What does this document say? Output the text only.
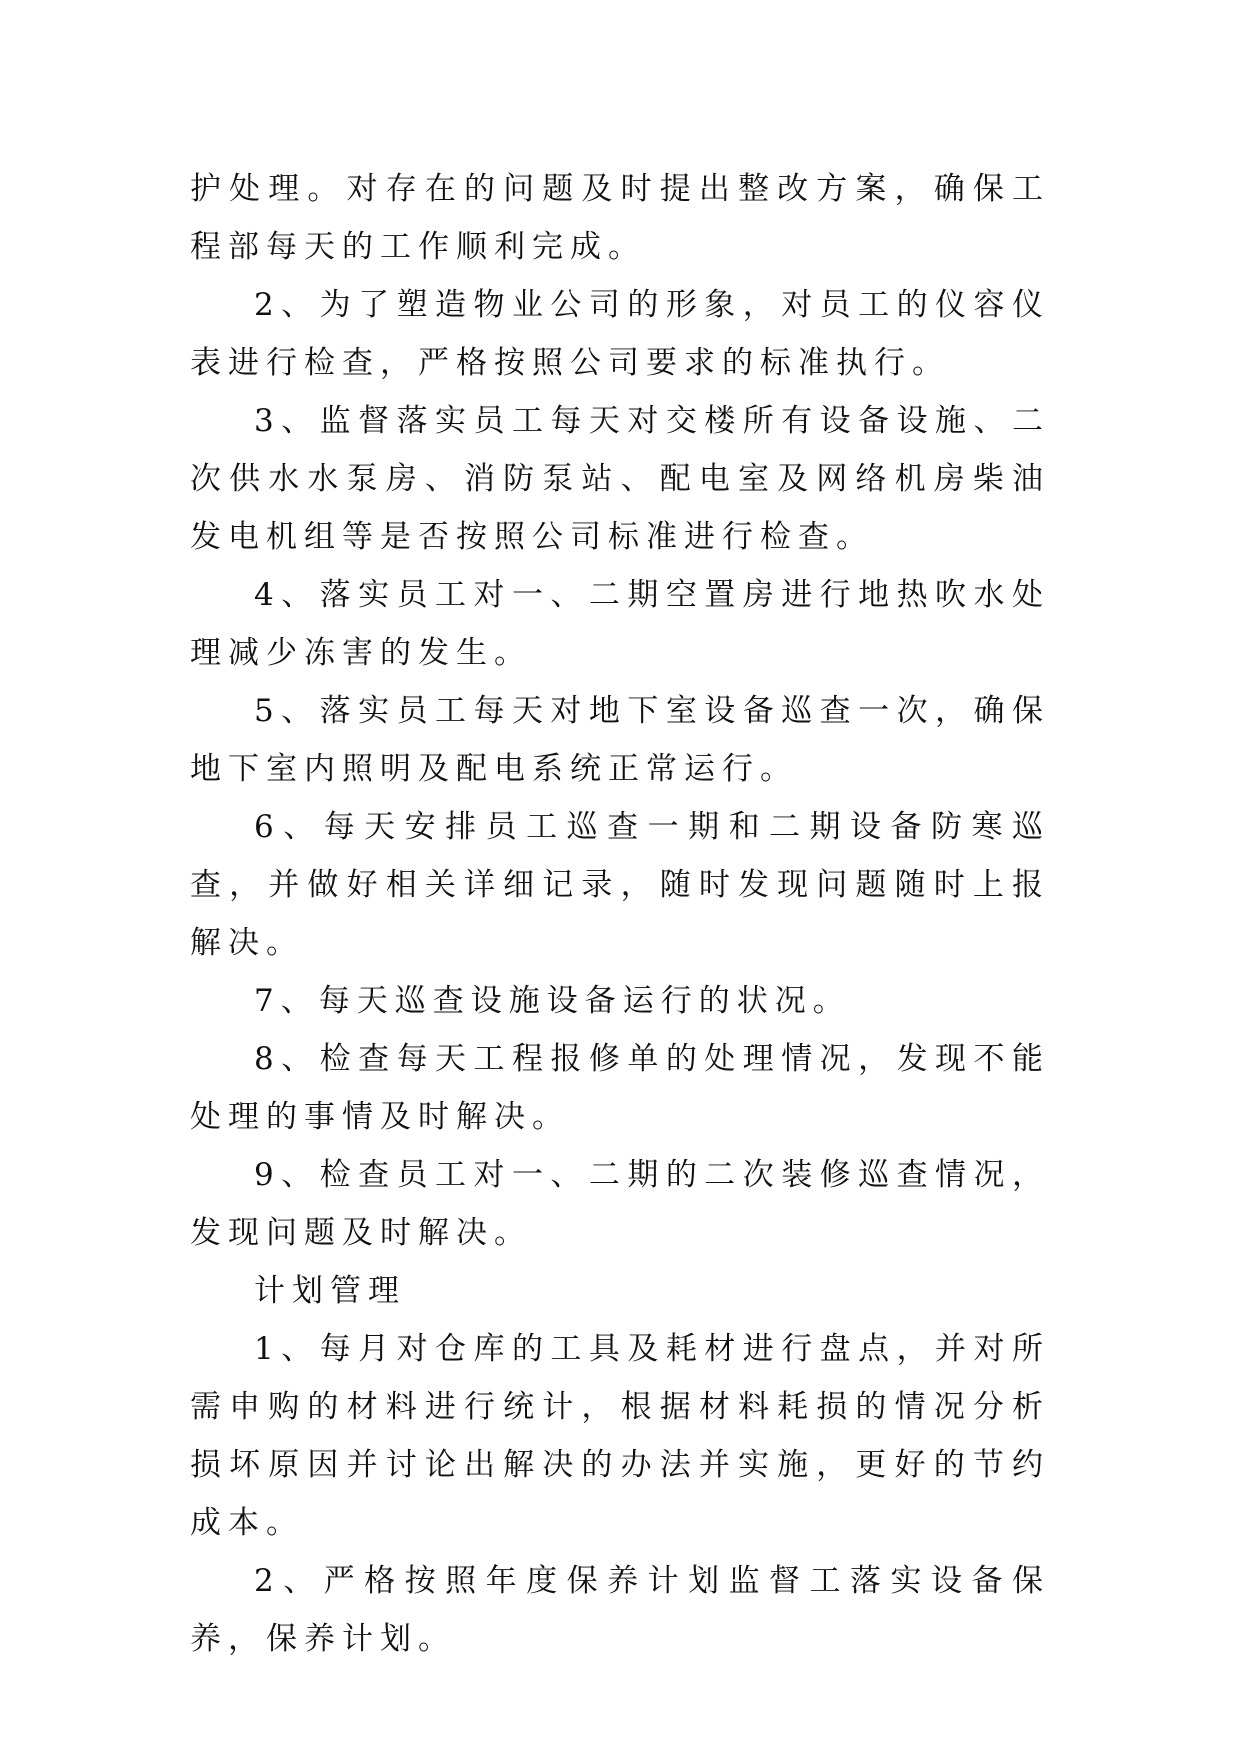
护处理。对存在的问题及时提出整改方案，确保工程部每天的工作顺利完成。

2、为了塑造物业公司的形象，对员工的仪容仪表进行检查，严格按照公司要求的标准执行。

3、监督落实员工每天对交楼所有设备设施、二次供水水泵房、消防泵站、配电室及网络机房柴油发电机组等是否按照公司标准进行检查。

4、落实员工对一、二期空置房进行地热吹水处理减少冻害的发生。

5、落实员工每天对地下室设备巡查一次，确保地下室内照明及配电系统正常运行。

6、每天安排员工巡查一期和二期设备防寒巡查，并做好相关详细记录，随时发现问题随时上报解决。

7、每天巡查设施设备运行的状况。

8、检查每天工程报修单的处理情况，发现不能处理的事情及时解决。

9、检查员工对一、二期的二次装修巡查情况，发现问题及时解决。

计划管理

1、每月对仓库的工具及耗材进行盘点，并对所需申购的材料进行统计，根据材料耗损的情况分析损坏原因并讨论出解决的办法并实施，更好的节约成本。

2、严格按照年度保养计划监督工落实设备保养，保养计划。
